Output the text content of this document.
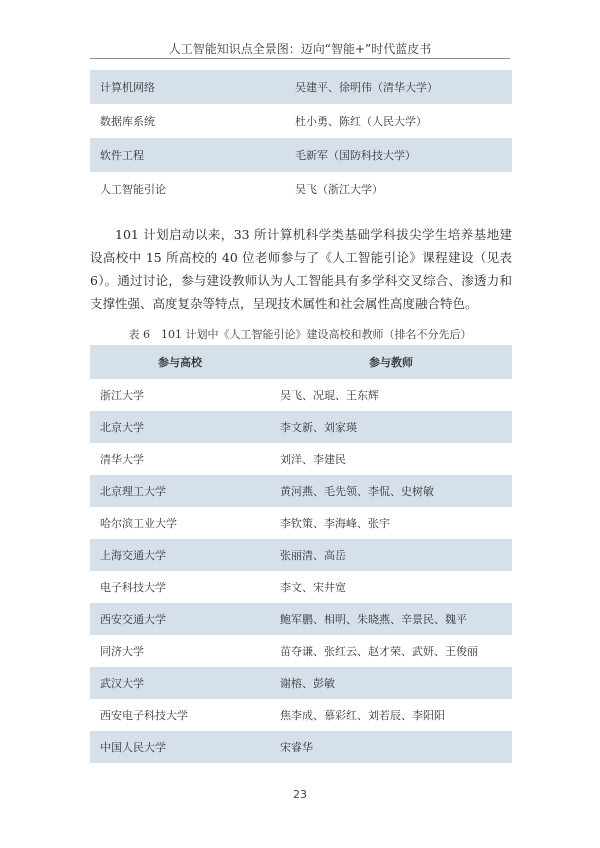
人工智能知识点全景图：迈向“智能+”时代蓝皮书
计算机网络	吴建平、徐明伟（清华大学）
数据库系统	杜小勇、陈红（人民大学）
软件工程	毛新军（国防科技大学）
人工智能引论	吴飞（浙江大学）

101 计划启动以来，33 所计算机科学类基础学科拔尖学生培养基地建设高校中 15 所高校的 40 位老师参与了《人工智能引论》课程建设（见表 6）。通过讨论，参与建设教师认为人工智能具有多学科交叉综合、渗透力和支撑性强、高度复杂等特点，呈现技术属性和社会属性高度融合特色。

表 6　101 计划中《人工智能引论》建设高校和教师（排名不分先后）

参与高校	参与教师
浙江大学	吴飞、况琨、王东辉
北京大学	李文新、刘家瑛
清华大学	刘洋、李建民
北京理工大学	黄河燕、毛先领、李侃、史树敏
哈尔滨工业大学	李钦策、李海峰、张宇
上海交通大学	张丽清、高岳
电子科技大学	李文、宋井宽
西安交通大学	鲍军鹏、相明、朱晓燕、辛景民、魏平
同济大学	苗夺谦、张红云、赵才荣、武妍、王俊丽
武汉大学	谢榕、彭敏
西安电子科技大学	焦李成、慕彩红、刘若辰、李阳阳
中国人民大学	宋睿华
23
